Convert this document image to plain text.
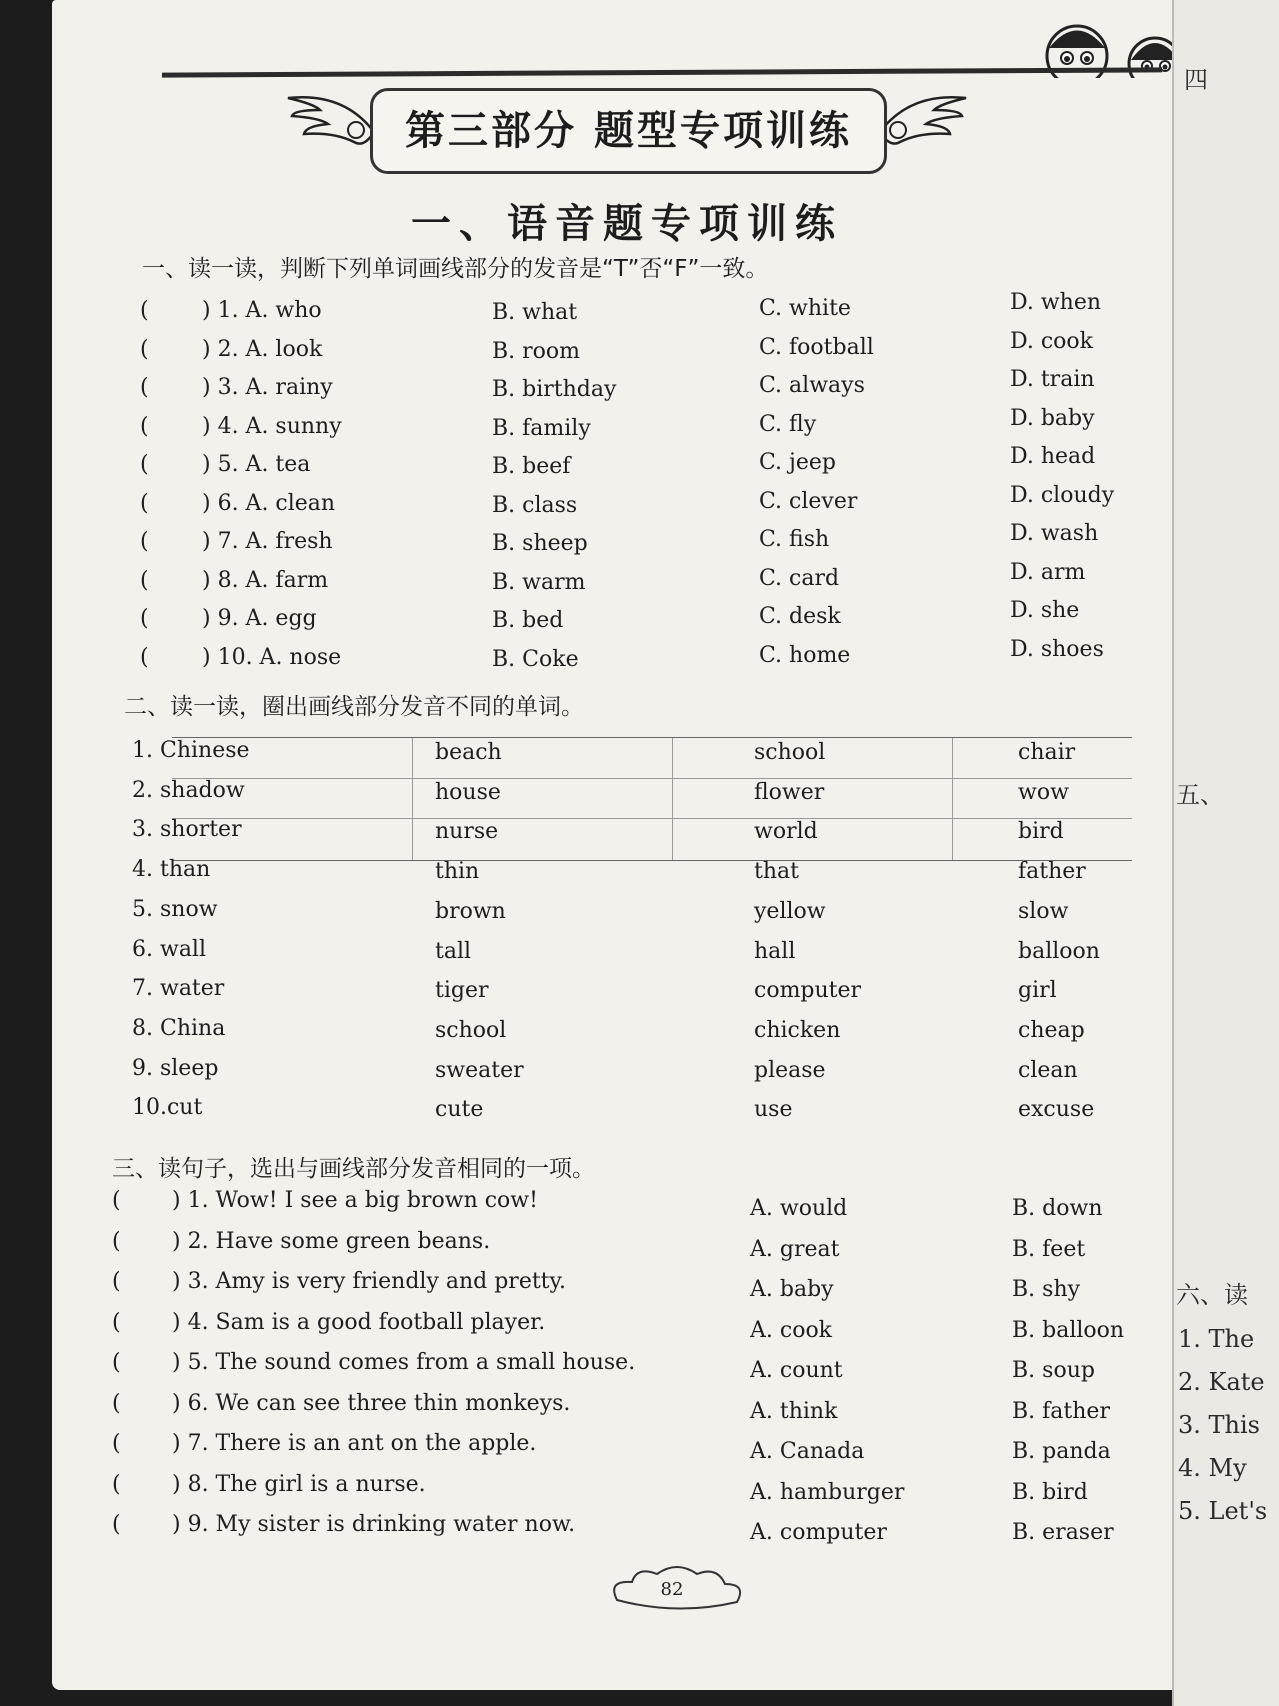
第三部分 题型专项训练
一、语音题专项训练
一、读一读，判断下列单词画线部分的发音是“T”否“F”一致。
( ) 1. A. who	B. what	C. white	D. when
( ) 2. A. look	B. room	C. football	D. cook
( ) 3. A. rainy	B. birthday	C. always	D. train
( ) 4. A. sunny	B. family	C. fly	D. baby
( ) 5. A. tea	B. beef	C. jeep	D. head
( ) 6. A. clean	B. class	C. clever	D. cloudy
( ) 7. A. fresh	B. sheep	C. fish	D. wash
( ) 8. A. farm	B. warm	C. card	D. arm
( ) 9. A. egg	B. bed	C. desk	D. she
( ) 10. A. nose	B. Coke	C. home	D. shoes
二、读一读，圈出画线部分发音不同的单词。
1. Chinese	beach	school	chair
2. shadow	house	flower	wow
3. shorter	nurse	world	bird
4. than	thin	that	father
5. snow	brown	yellow	slow
6. wall	tall	hall	balloon
7. water	tiger	computer	girl
8. China	school	chicken	cheap
9. sleep	sweater	please	clean
10.cut	cute	use	excuse
三、读句子，选出与画线部分发音相同的一项。
( ) 1. Wow! I see a big brown cow!	A. would	B. down
( ) 2. Have some green beans.	A. great	B. feet
( ) 3. Amy is very friendly and pretty.	A. baby	B. shy
( ) 4. Sam is a good football player.	A. cook	B. balloon
( ) 5. The sound comes from a small house.	A. count	B. soup
( ) 6. We can see three thin monkeys.	A. think	B. father
( ) 7. There is an ant on the apple.	A. Canada	B. panda
( ) 8. The girl is a nurse.	A. hamburger	B. bird
( ) 9. My sister is drinking water now.	A. computer	B. eraser
82
四
五、
六、读
1. The
2. Kate
3. This
4. My
5. Let's
